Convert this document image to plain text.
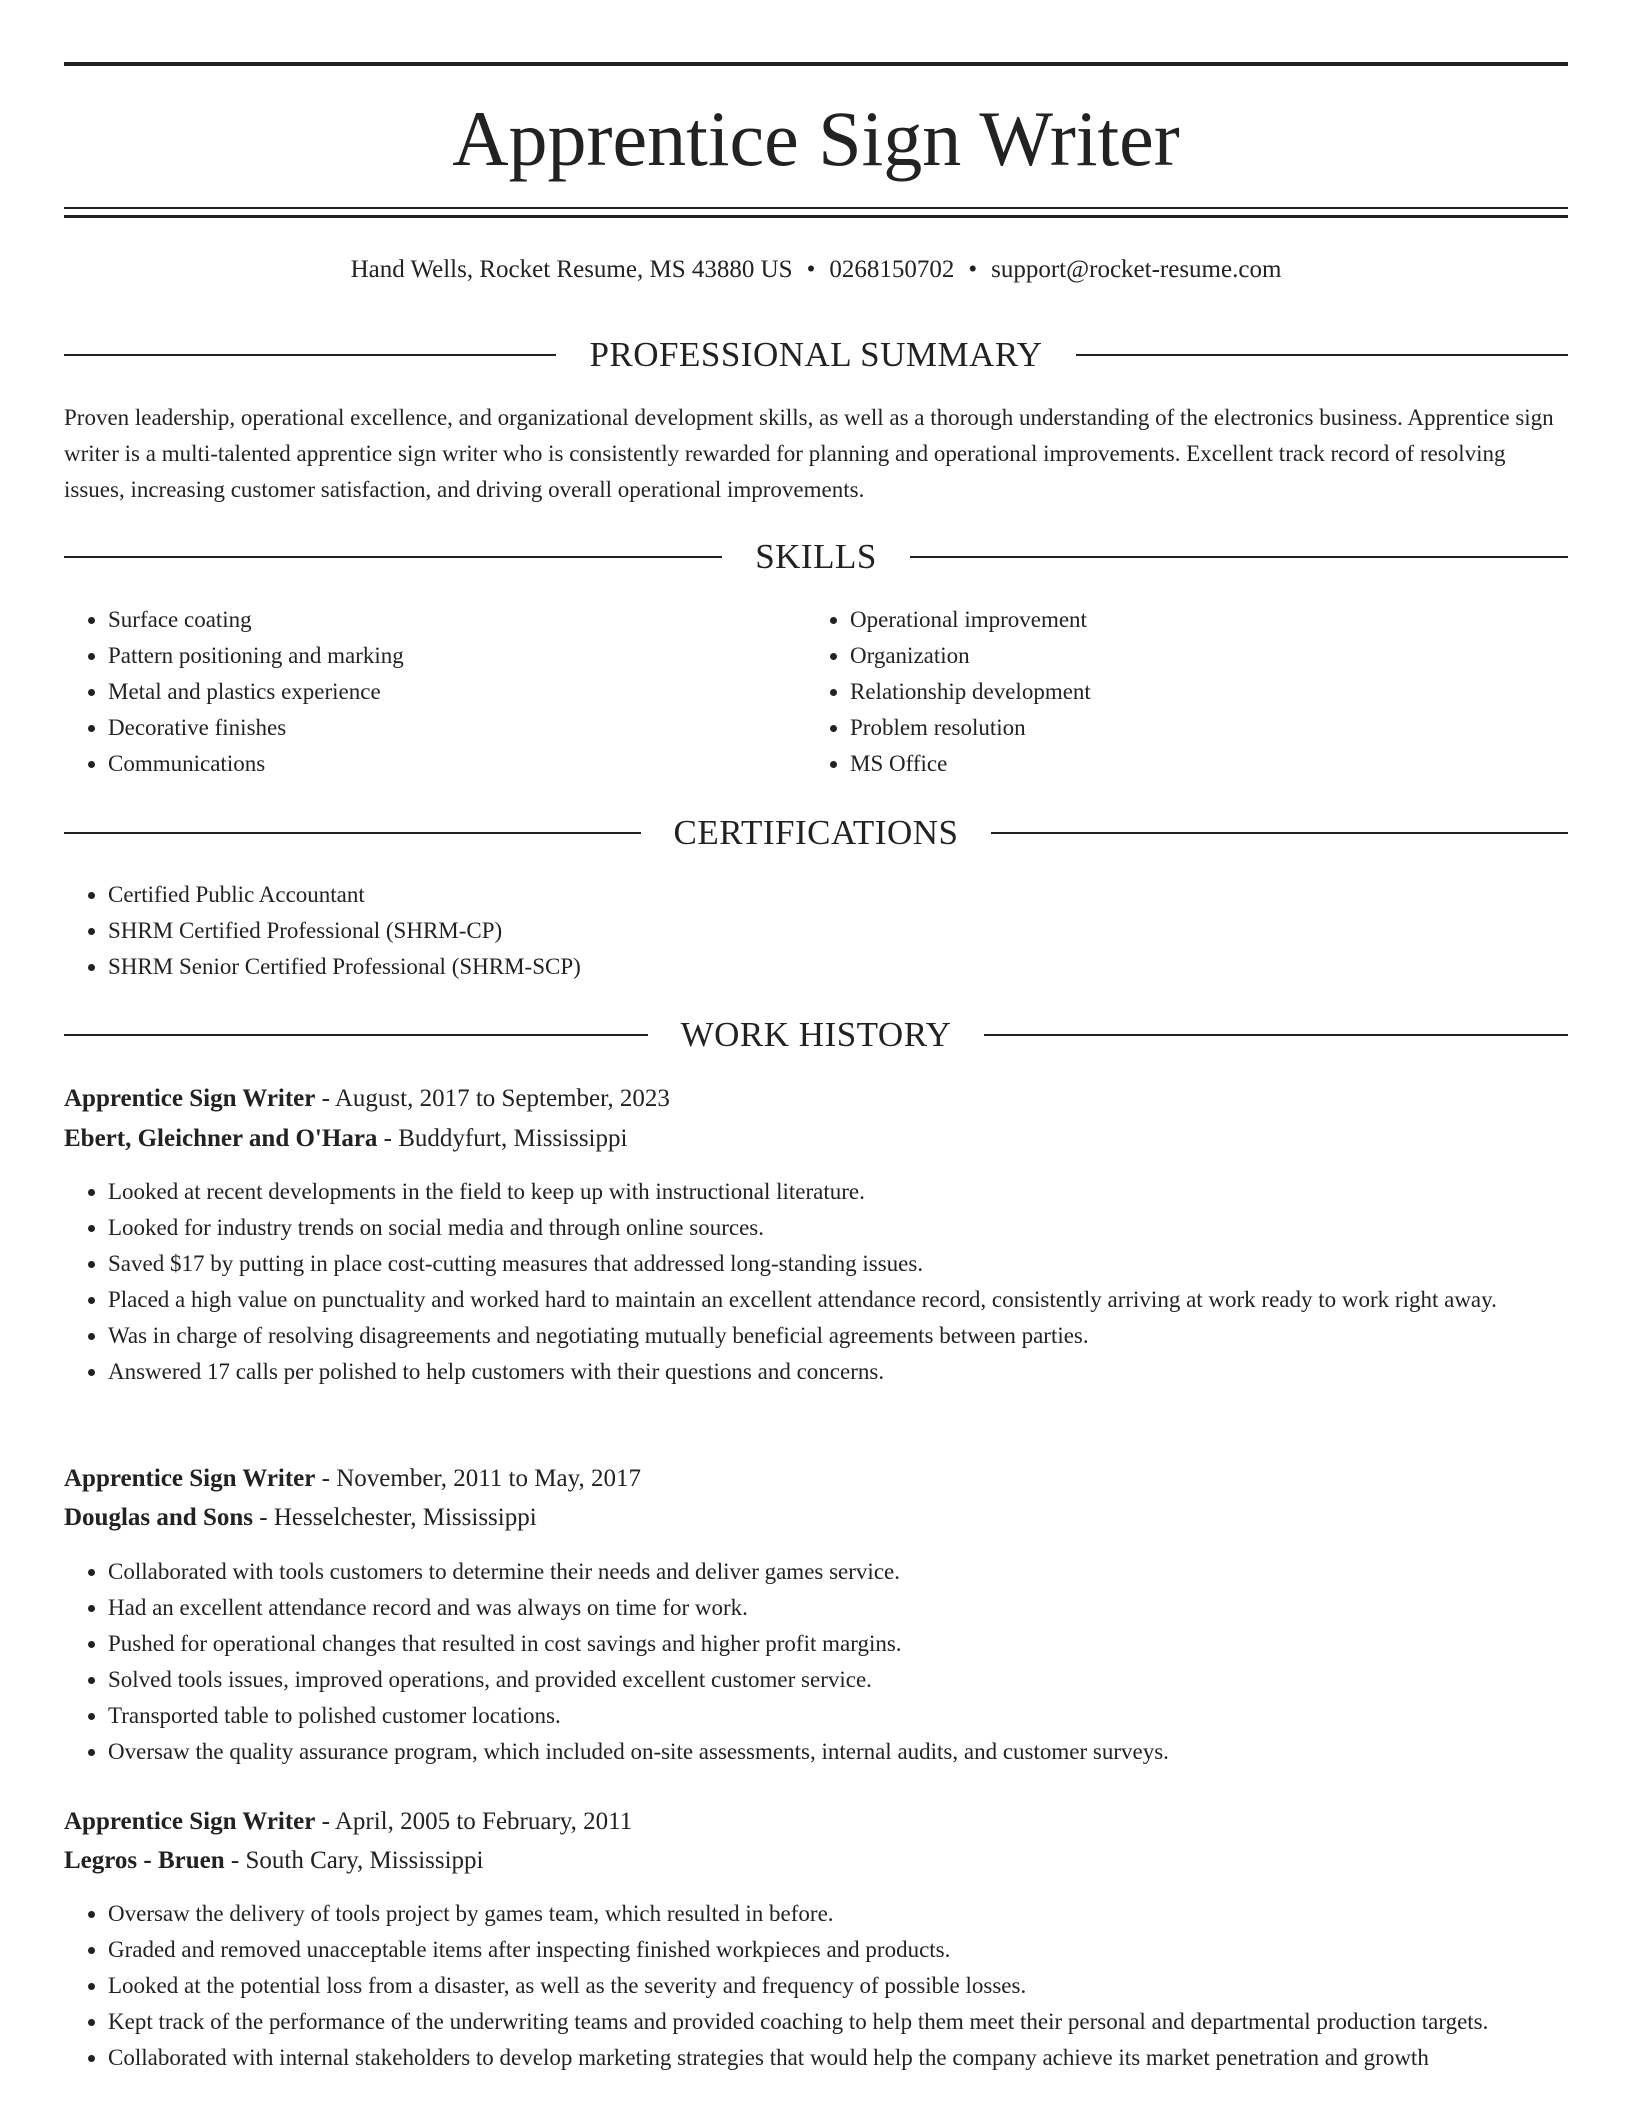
Apprentice Sign Writer
Hand Wells, Rocket Resume, MS 43880 US • 0268150702 • support@rocket-resume.com
PROFESSIONAL SUMMARY

Proven leadership, operational excellence, and organizational development skills, as well as a thorough understanding of the electronics business. Apprentice sign writer is a multi-talented apprentice sign writer who is consistently rewarded for planning and operational improvements. Excellent track record of resolving issues, increasing customer satisfaction, and driving overall operational improvements.

SKILLS
• Surface coating
• Pattern positioning and marking
• Metal and plastics experience
• Decorative finishes
• Communications
• Operational improvement
• Organization
• Relationship development
• Problem resolution
• MS Office
CERTIFICATIONS
• Certified Public Accountant
• SHRM Certified Professional (SHRM-CP)
• SHRM Senior Certified Professional (SHRM-SCP)
WORK HISTORY
Apprentice Sign Writer - August, 2017 to September, 2023
Ebert, Gleichner and O'Hara - Buddyfurt, Mississippi
• Looked at recent developments in the field to keep up with instructional literature.
• Looked for industry trends on social media and through online sources.
• Saved $17 by putting in place cost-cutting measures that addressed long-standing issues.
• Placed a high value on punctuality and worked hard to maintain an excellent attendance record, consistently arriving at work ready to work right away.
• Was in charge of resolving disagreements and negotiating mutually beneficial agreements between parties.
• Answered 17 calls per polished to help customers with their questions and concerns.
Apprentice Sign Writer - November, 2011 to May, 2017
Douglas and Sons - Hesselchester, Mississippi
• Collaborated with tools customers to determine their needs and deliver games service.
• Had an excellent attendance record and was always on time for work.
• Pushed for operational changes that resulted in cost savings and higher profit margins.
• Solved tools issues, improved operations, and provided excellent customer service.
• Transported table to polished customer locations.
• Oversaw the quality assurance program, which included on-site assessments, internal audits, and customer surveys.
Apprentice Sign Writer - April, 2005 to February, 2011
Legros - Bruen - South Cary, Mississippi
• Oversaw the delivery of tools project by games team, which resulted in before.
• Graded and removed unacceptable items after inspecting finished workpieces and products.
• Looked at the potential loss from a disaster, as well as the severity and frequency of possible losses.
• Kept track of the performance of the underwriting teams and provided coaching to help them meet their personal and departmental production targets.
• Collaborated with internal stakeholders to develop marketing strategies that would help the company achieve its market penetration and growth
